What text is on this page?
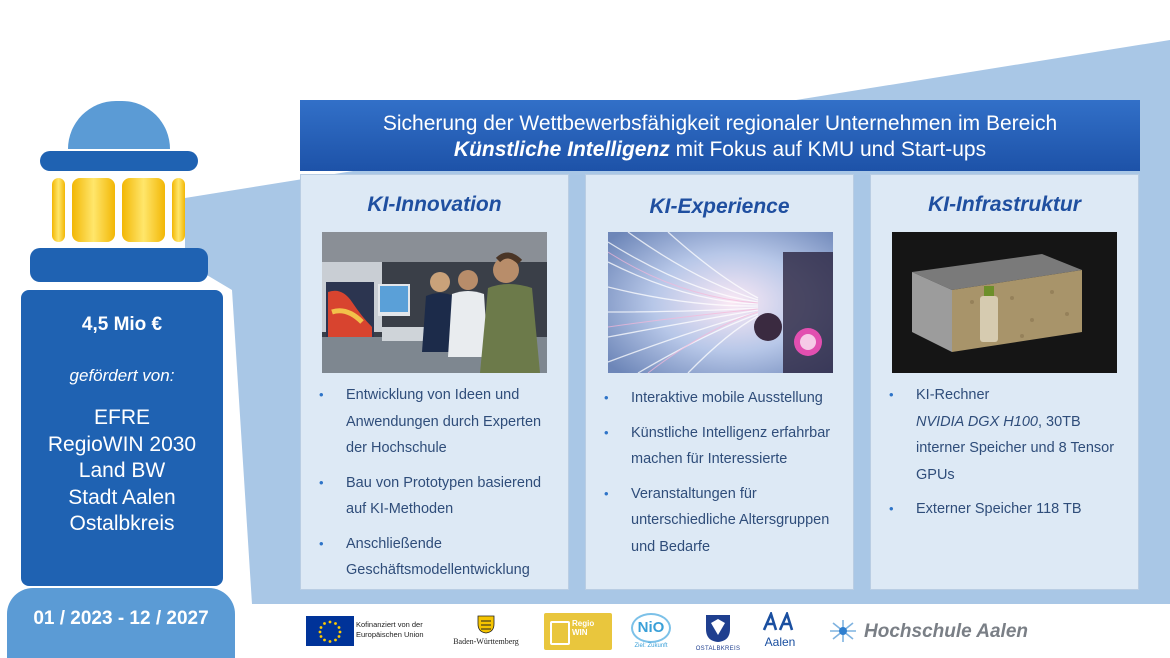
4,5 Mio €
gefördert von:
EFRE
RegioWIN 2030
Land BW
Stadt Aalen
Ostalbkreis
01 / 2023 - 12 / 2027
Sicherung der Wettbewerbsfähigkeit regionaler Unternehmen im Bereich
Künstliche Intelligenz mit Fokus auf KMU und Start-ups
KI-Innovation
• Entwicklung von Ideen und Anwendungen durch Experten der Hochschule
• Bau von Prototypen basierend auf KI-Methoden
• Anschließende Geschäftsmodellentwicklung
KI-Experience
• Interaktive mobile Ausstellung
• Künstliche Intelligenz erfahrbar machen für Interessierte
• Veranstaltungen für unterschiedliche Altersgruppen und Bedarfe
KI-Infrastruktur
• KI-Rechner
NVIDIA DGX H100, 30TB interner Speicher und 8 Tensor GPUs
• Externer Speicher 118 TB
Kofinanziert von der
Europäischen Union
Baden-Württemberg
Regio WIN	NiO
Ziel: Zukunft	OSTALBKREIS	Aalen	Hochschule Aalen
